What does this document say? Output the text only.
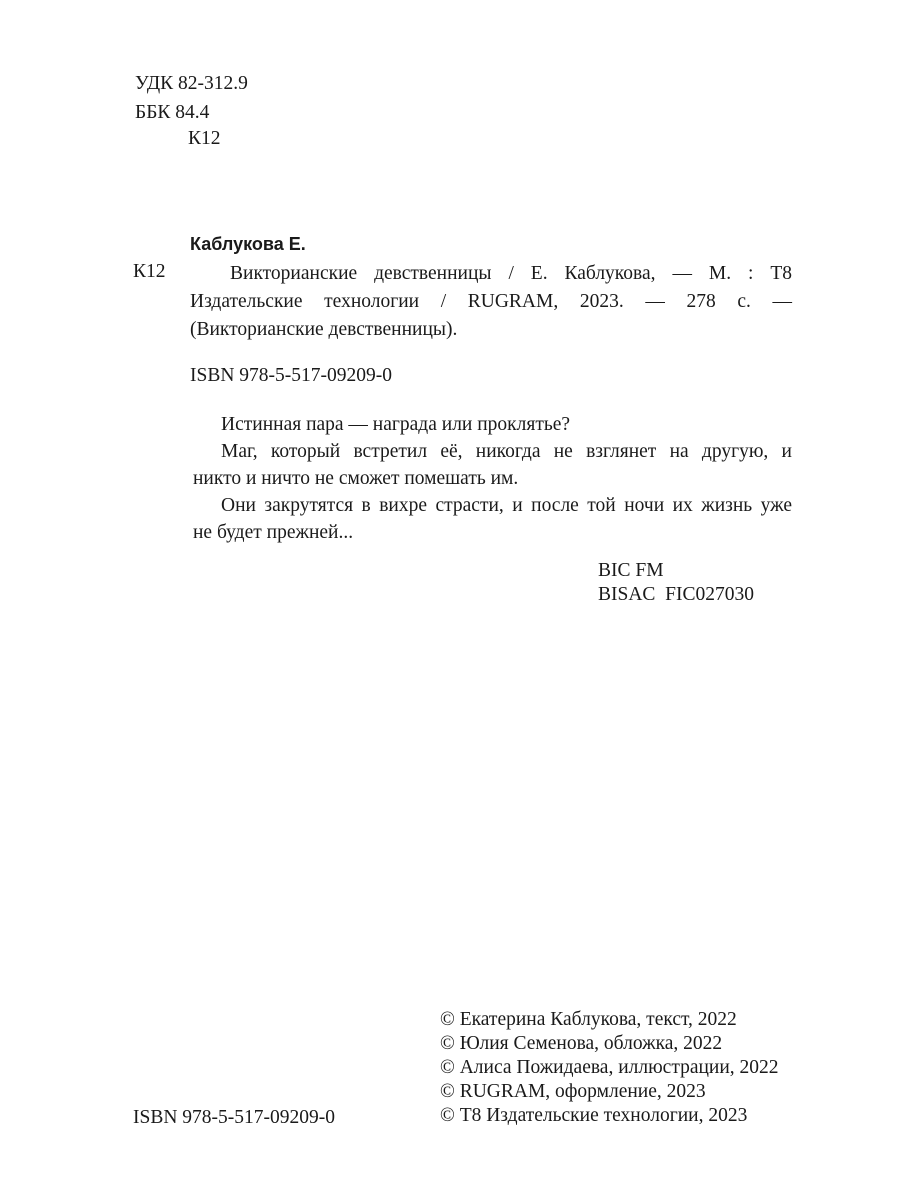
УДК 82-312.9
ББК 84.4
К12
Каблукова Е.
К12	Викторианские девственницы / Е. Каблукова, — М. : Т8
Издательские технологии / RUGRAM, 2023. — 278 с. —
(Викторианские девственницы).
ISBN 978-5-517-09209-0
Истинная пара — награда или проклятье?
Маг, который встретил её, никогда не взглянет на другую, и
никто и ничто не сможет помешать им.
Они закрутятся в вихре страсти, и после той ночи их жизнь уже
не будет прежней...
BIC FM
BISAC  FIC027030
ISBN 978-5-517-09209-0
© Екатерина Каблукова, текст, 2022
© Юлия Семенова, обложка, 2022
© Алиса Пожидаева, иллюстрации, 2022
© RUGRAM, оформление, 2023
© Т8 Издательские технологии, 2023
